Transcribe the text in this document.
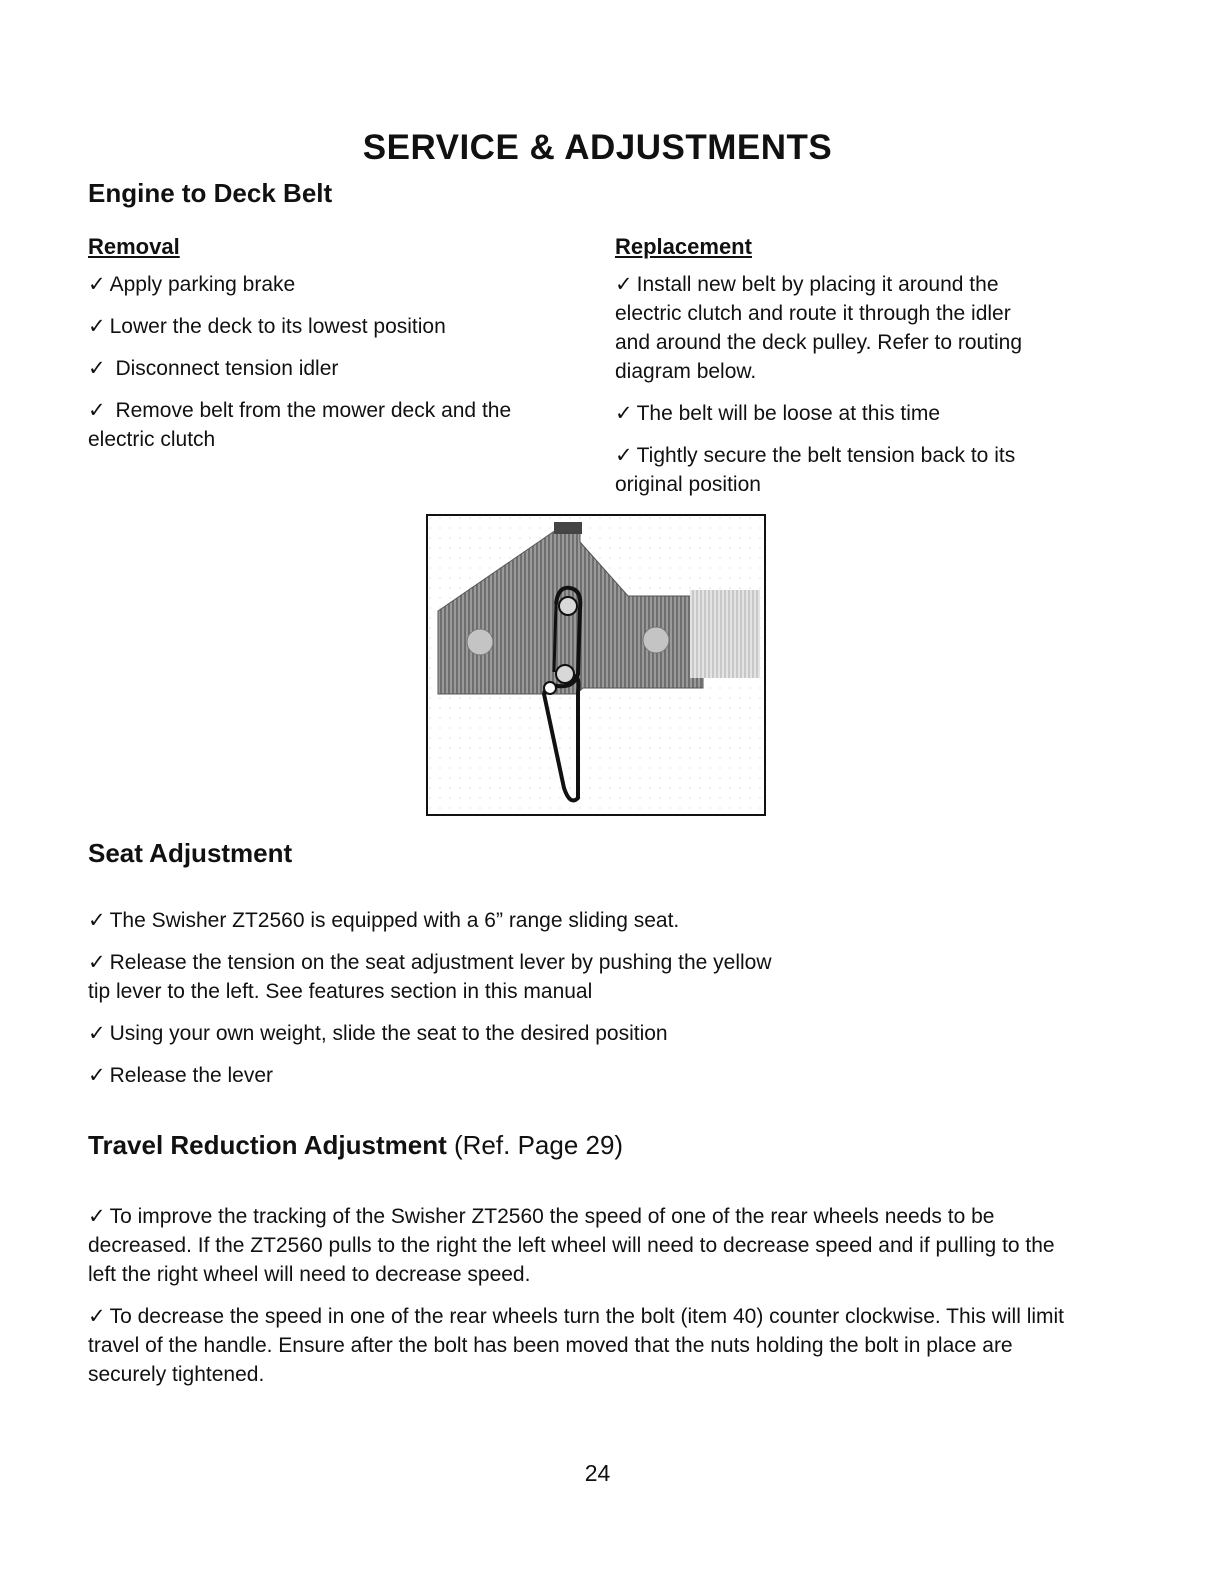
SERVICE & ADJUSTMENTS
Engine to Deck Belt
Removal
✓ Apply parking brake
✓ Lower the deck to its lowest position
✓ Disconnect tension idler
✓ Remove belt from the mower deck and the electric clutch
Replacement
✓ Install new belt by placing it around the electric clutch and route it through the idler and around the deck pulley. Refer to routing  diagram below.
✓ The belt will be loose at this time
✓ Tightly secure the belt tension back to its original position
Seat Adjustment
✓ The Swisher ZT2560 is equipped with a 6” range sliding seat.
✓ Release the tension on the seat adjustment lever by pushing the yellow tip lever to the left. See features section in this manual
✓ Using your own weight, slide the seat to the desired position
✓ Release the lever
Travel Reduction Adjustment (Ref. Page 29)
✓ To improve the tracking of the Swisher ZT2560 the speed of one of the rear wheels needs to be decreased. If the ZT2560 pulls to the right the left wheel will need to decrease speed and if pulling to the left the right wheel will need to decrease speed.
✓ To decrease the speed in one of the rear wheels turn the bolt (item 40) counter clockwise. This will limit travel of the handle. Ensure after the bolt has been moved that the nuts holding the bolt in place are securely tightened.
24
